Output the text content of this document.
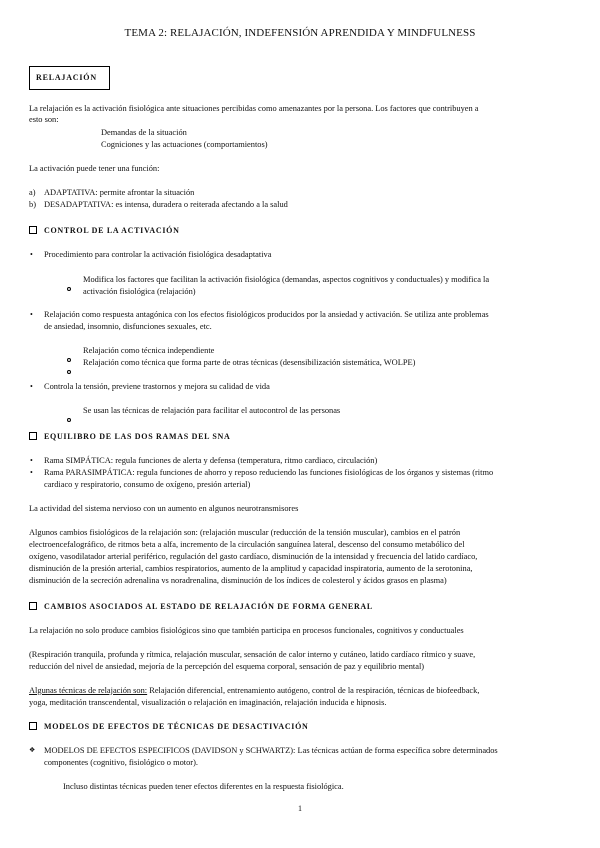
TEMA 2: RELAJACIÓN, INDEFENSIÓN APRENDIDA Y MINDFULNESS
RELAJACIÓN
La relajación es la activación fisiológica ante situaciones percibidas como amenazantes por la persona. Los factores que contribuyen a
esto son:
Demandas de la situación
Cogniciones y las actuaciones (comportamientos)
La activación puede tener una función:
a) ADAPTATIVA: permite afrontar la situación
b) DESADAPTATIVA: es intensa, duradera o reiterada afectando a la salud
CONTROL DE LA ACTIVACIÓN
• Procedimiento para controlar la activación fisiológica desadaptativa
Modifica los factores que facilitan la activación fisiológica (demandas, aspectos cognitivos y conductuales) y modifica la
activación fisiológica (relajación)
• Relajación como respuesta antagónica con los efectos fisiológicos producidos por la ansiedad y activación. Se utiliza ante problemas
de ansiedad, insomnio, disfunciones sexuales, etc.
Relajación como técnica independiente
Relajación como técnica que forma parte de otras técnicas (desensibilización sistemática, WOLPE)
• Controla la tensión, previene trastornos y mejora su calidad de vida
Se usan las técnicas de relajación para facilitar el autocontrol de las personas
EQUILIBRO DE LAS DOS RAMAS DEL SNA
• Rama SIMPÁTICA: regula funciones de alerta y defensa (temperatura, ritmo cardiaco, circulación)
• Rama PARASIMPÁTICA: regula funciones de ahorro y reposo reduciendo las funciones fisiológicas de los órganos y sistemas (ritmo
cardiaco y respiratorio, consumo de oxígeno, presión arterial)
La actividad del sistema nervioso con un aumento en algunos neurotransmisores
Algunos cambios fisiológicos de la relajación son: (relajación muscular (reducción de la tensión muscular), cambios en el patrón
electroencefalográfico, de ritmos beta a alfa, incremento de la circulación sanguínea lateral, descenso del consumo metabólico del
oxígeno, vasodilatador arterial periférico, regulación del gasto cardíaco, disminución de la intensidad y frecuencia del latido cardíaco,
disminución de la presión arterial, cambios respiratorios, aumento de la amplitud y capacidad inspiratoria, aumento de la serotonina,
disminución de la secreción adrenalina vs noradrenalina, disminución de los índices de colesterol y ácidos grasos en plasma)
CAMBIOS ASOCIADOS AL ESTADO DE RELAJACIÓN DE FORMA GENERAL
La relajación no solo produce cambios fisiológicos sino que también participa en procesos funcionales, cognitivos y conductuales
(Respiración tranquila, profunda y rítmica, relajación muscular, sensación de calor interno y cutáneo, latido cardíaco rítmico y suave,
reducción del nivel de ansiedad, mejoría de la percepción del esquema corporal, sensación de paz y equilibrio mental)
Algunas técnicas de relajación son: Relajación diferencial, entrenamiento autógeno, control de la respiración, técnicas de biofeedback,
yoga, meditación transcendental, visualización o relajación en imaginación, relajación inducida e hipnosis.
MODELOS DE EFECTOS DE TÉCNICAS DE DESACTIVACIÓN
❖ MODELOS DE EFECTOS ESPECIFICOS (DAVIDSON y SCHWARTZ): Las técnicas actúan de forma específica sobre determinados
componentes (cognitivo, fisiológico o motor).
Incluso distintas técnicas pueden tener efectos diferentes en la respuesta fisiológica.
1
